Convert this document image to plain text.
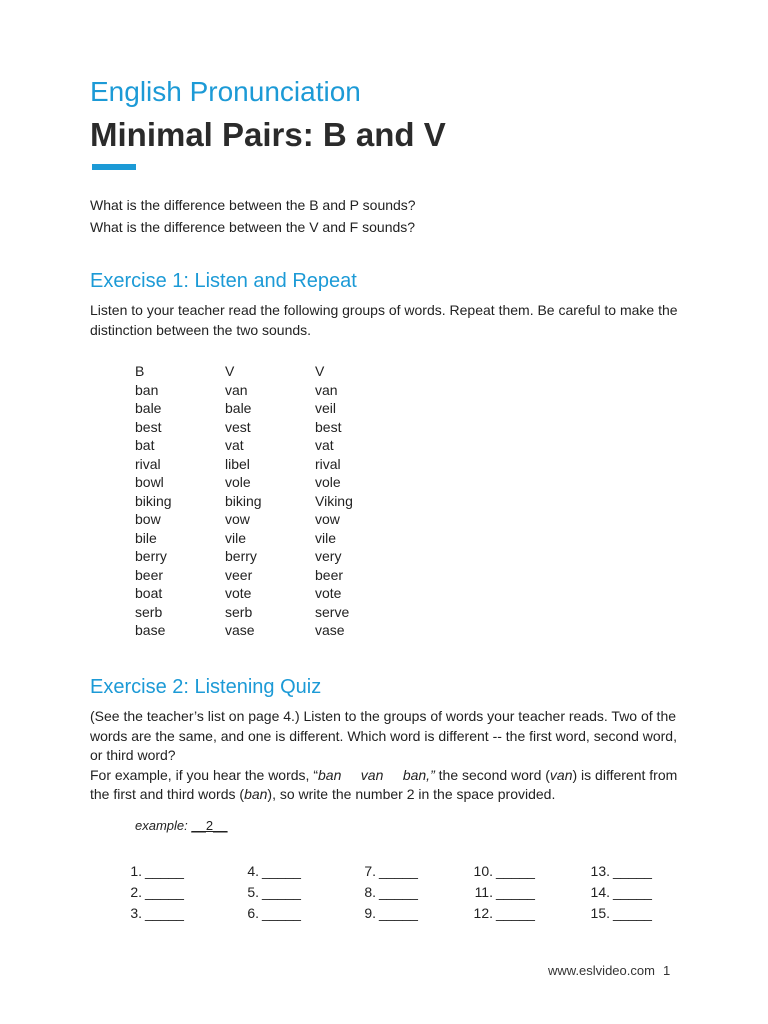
English Pronunciation
Minimal Pairs: B and V
What is the difference between the B and P sounds?
What is the difference between the V and F sounds?
Exercise 1: Listen and Repeat
Listen to your teacher read the following groups of words. Repeat them. Be careful to make the distinction between the two sounds.
B	V	V
ban	van	van
bale	bale	veil
best	vest	best
bat	vat	vat
rival	libel	rival
bowl	vole	vole
biking	biking	Viking
bow	vow	vow
bile	vile	vile
berry	berry	very
beer	veer	beer
boat	vote	vote
serb	serb	serve
base	vase	vase
Exercise 2: Listening Quiz
(See the teacher’s list on page 4.) Listen to the groups of words your teacher reads. Two of the words are the same, and one is different. Which word is different -- the first word, second word, or third word?
For example, if you hear the words, “ban     van     ban,” the second word (van) is different from the first and third words (ban), so write the number 2 in the space provided.
example: __2__
1. _____	4. _____	7. _____	10. _____	13. _____
2. _____	5. _____	8. _____	11. _____	14. _____
3. _____	6. _____	9. _____	12. _____	15. _____
www.eslvideo.com 1
